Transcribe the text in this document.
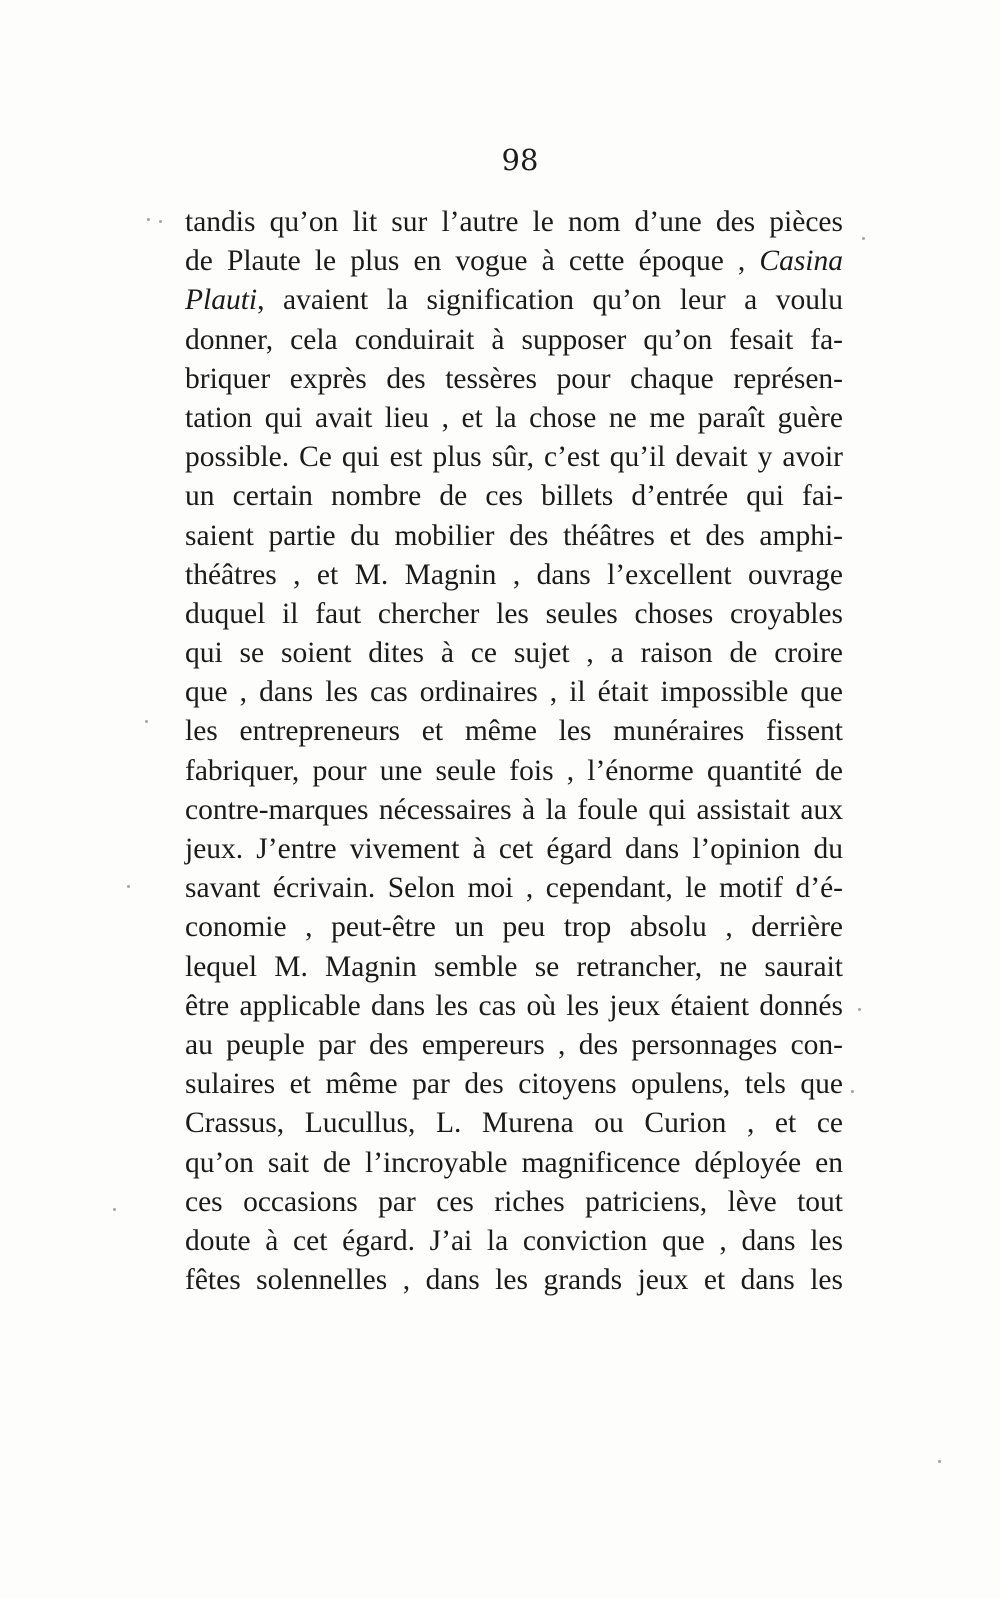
98
tandis qu’on lit sur l’autre le nom d’une des pièces
de Plaute le plus en vogue à cette époque , Casina
Plauti, avaient la signification qu’on leur a voulu
donner, cela conduirait à supposer qu’on fesait fa-
briquer exprès des tessères pour chaque représen-
tation qui avait lieu , et la chose ne me paraît guère
possible. Ce qui est plus sûr, c’est qu’il devait y avoir
un certain nombre de ces billets d’entrée qui fai-
saient partie du mobilier des théâtres et des amphi-
théâtres , et M. Magnin , dans l’excellent ouvrage
duquel il faut chercher les seules choses croyables
qui se soient dites à ce sujet , a raison de croire
que , dans les cas ordinaires , il était impossible que
les entrepreneurs et même les munéraires fissent
fabriquer, pour une seule fois , l’énorme quantité de
contre-marques nécessaires à la foule qui assistait aux
jeux. J’entre vivement à cet égard dans l’opinion du
savant écrivain. Selon moi , cependant, le motif d’é-
conomie , peut-être un peu trop absolu , derrière
lequel M. Magnin semble se retrancher, ne saurait
être applicable dans les cas où les jeux étaient donnés
au peuple par des empereurs , des personnages con-
sulaires et même par des citoyens opulens, tels que
Crassus, Lucullus, L. Murena ou Curion , et ce
qu’on sait de l’incroyable magnificence déployée en
ces occasions par ces riches patriciens, lève tout
doute à cet égard. J’ai la conviction que , dans les
fêtes solennelles , dans les grands jeux et dans les
